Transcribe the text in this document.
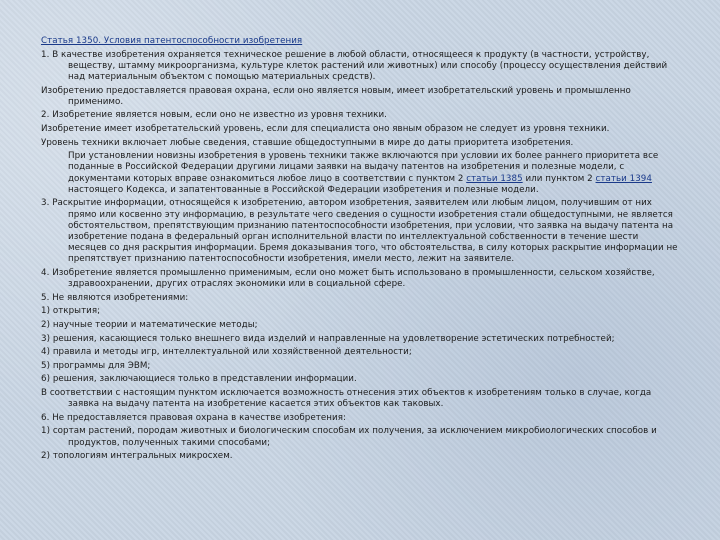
Статья 1350. Условия патентоспособности изобретения
1. В качестве изобретения охраняется техническое решение в любой области, относящееся к продукту (в частности, устройству, веществу, штамму микроорганизма, культуре клеток растений или животных) или способу (процессу осуществления действий над материальным объектом с помощью материальных средств).
Изобретению предоставляется правовая охрана, если оно является новым, имеет изобретательский уровень и промышленно применимо.
2. Изобретение является новым, если оно не известно из уровня техники.
Изобретение имеет изобретательский уровень, если для специалиста оно явным образом не следует из уровня техники.
Уровень техники включает любые сведения, ставшие общедоступными в мире до даты приоритета изобретения.
При установлении новизны изобретения в уровень техники также включаются при условии их более раннего приоритета все поданные в Российской Федерации другими лицами заявки на выдачу патентов на изобретения и полезные модели, с документами которых вправе ознакомиться любое лицо в соответствии с пунктом 2 статьи 1385 или пунктом 2 статьи 1394 настоящего Кодекса, и запатентованные в Российской Федерации изобретения и полезные модели.
3. Раскрытие информации, относящейся к изобретению, автором изобретения, заявителем или любым лицом, получившим от них прямо или косвенно эту информацию, в результате чего сведения о сущности изобретения стали общедоступными, не является обстоятельством, препятствующим признанию патентоспособности изобретения, при условии, что заявка на выдачу патента на изобретение подана в федеральный орган исполнительной власти по интеллектуальной собственности в течение шести месяцев со дня раскрытия информации. Бремя доказывания того, что обстоятельства, в силу которых раскрытие информации не препятствует признанию патентоспособности изобретения, имели место, лежит на заявителе.
4. Изобретение является промышленно применимым, если оно может быть использовано в промышленности, сельском хозяйстве, здравоохранении, других отраслях экономики или в социальной сфере.
5. Не являются изобретениями:
1) открытия;
2) научные теории и математические методы;
3) решения, касающиеся только внешнего вида изделий и направленные на удовлетворение эстетических потребностей;
4) правила и методы игр, интеллектуальной или хозяйственной деятельности;
5) программы для ЭВМ;
6) решения, заключающиеся только в представлении информации.
В соответствии с настоящим пунктом исключается возможность отнесения этих объектов к изобретениям только в случае, когда заявка на выдачу патента на изобретение касается этих объектов как таковых.
6. Не предоставляется правовая охрана в качестве изобретения:
1) сортам растений, породам животных и биологическим способам их получения, за исключением микробиологических способов и продуктов, полученных такими способами;
2) топологиям интегральных микросхем.
